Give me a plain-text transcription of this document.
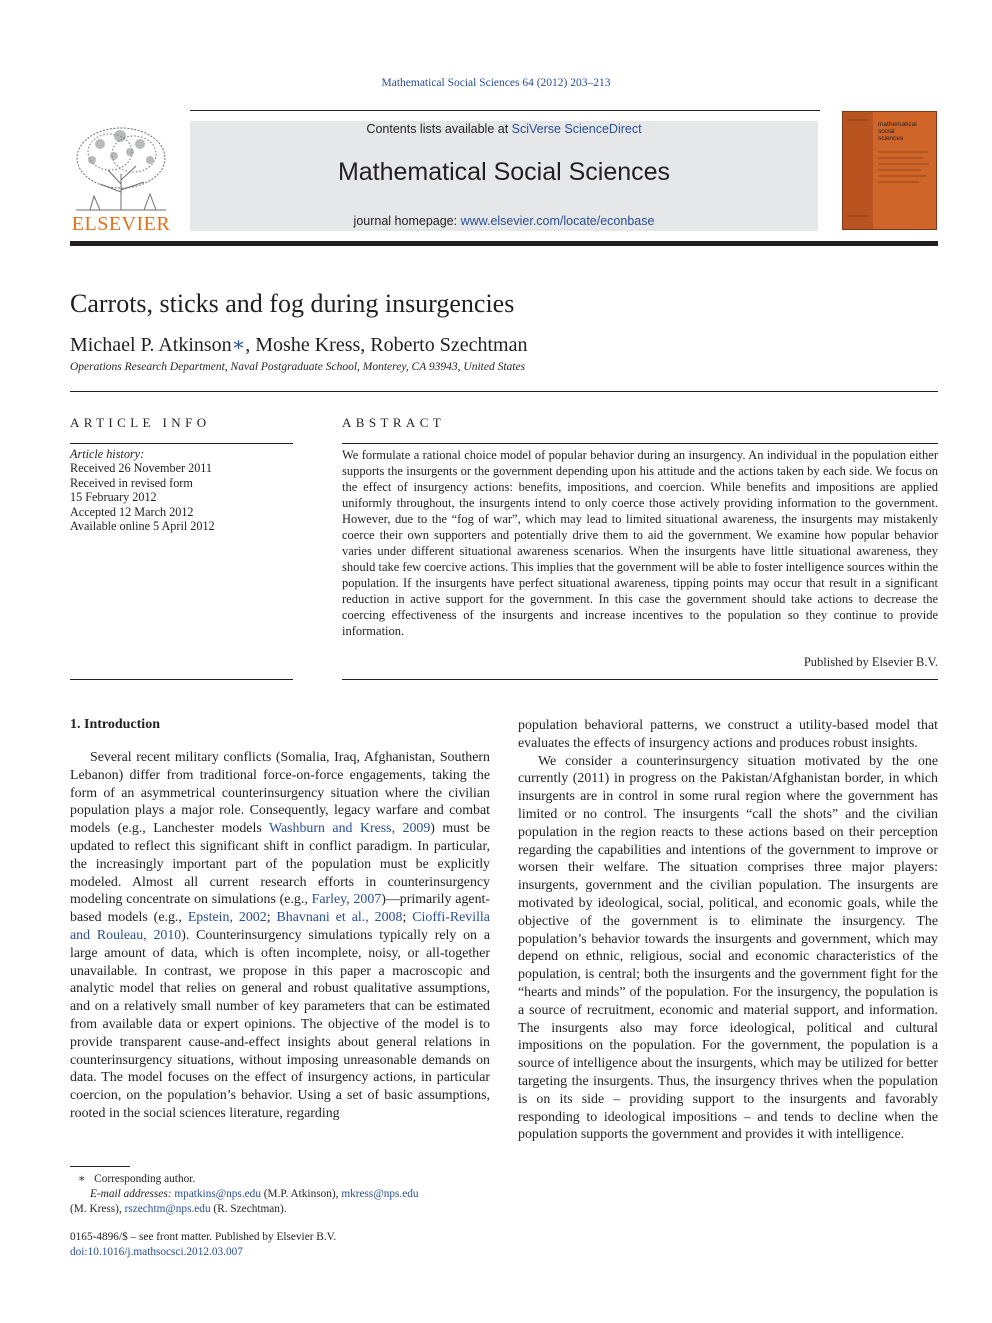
Mathematical Social Sciences 64 (2012) 203–213
ELSEVIER
Contents lists available at SciVerse ScienceDirect
Mathematical Social Sciences
journal homepage: www.elsevier.com/locate/econbase
mathematical
social
sciences
Carrots, sticks and fog during insurgencies
Michael P. Atkinson∗, Moshe Kress, Roberto Szechtman
Operations Research Department, Naval Postgraduate School, Monterey, CA 93943, United States
ARTICLE INFO
Article history:
Received 26 November 2011
Received in revised form
15 February 2012
Accepted 12 March 2012
Available online 5 April 2012
ABSTRACT
We formulate a rational choice model of popular behavior during an insurgency. An individual in the population either supports the insurgents or the government depending upon his attitude and the actions taken by each side. We focus on the effect of insurgency actions: benefits, impositions, and coercion. While benefits and impositions are applied uniformly throughout, the insurgents intend to only coerce those actively providing information to the government. However, due to the “fog of war”, which may lead to limited situational awareness, the insurgents may mistakenly coerce their own supporters and potentially drive them to aid the government. We examine how popular behavior varies under different situational awareness scenarios. When the insurgents have little situational awareness, they should take few coercive actions. This implies that the government will be able to foster intelligence sources within the population. If the insurgents have perfect situational awareness, tipping points may occur that result in a significant reduction in active support for the government. In this case the government should take actions to decrease the coercing effectiveness of the insurgents and increase incentives to the population so they continue to provide information.
Published by Elsevier B.V.
1. Introduction

Several recent military conflicts (Somalia, Iraq, Afghanistan, Southern Lebanon) differ from traditional force-on-force engagements, taking the form of an asymmetrical counterinsurgency situation where the civilian population plays a major role. Consequently, legacy warfare and combat models (e.g., Lanchester models Washburn and Kress, 2009) must be updated to reflect this significant shift in conflict paradigm. In particular, the increasingly important part of the population must be explicitly modeled. Almost all current research efforts in counterinsurgency modeling concentrate on simulations (e.g., Farley, 2007)—primarily agent-based models (e.g., Epstein, 2002; Bhavnani et al., 2008; Cioffi-Revilla and Rouleau, 2010). Counterinsurgency simulations typically rely on a large amount of data, which is often incomplete, noisy, or all-together unavailable. In contrast, we propose in this paper a macroscopic and analytic model that relies on general and robust qualitative assumptions, and on a relatively small number of key parameters that can be estimated from available data or expert opinions. The objective of the model is to provide transparent cause-and-effect insights about general relations in counterinsurgency situations, without imposing unreasonable demands on data. The model focuses on the effect of insurgency actions, in particular coercion, on the population’s behavior. Using a set of basic assumptions, rooted in the social sciences literature, regarding

population behavioral patterns, we construct a utility-based model that evaluates the effects of insurgency actions and produces robust insights.

We consider a counterinsurgency situation motivated by the one currently (2011) in progress on the Pakistan/Afghanistan border, in which insurgents are in control in some rural region where the government has limited or no control. The insurgents “call the shots” and the civilian population in the region reacts to these actions based on their perception regarding the capabilities and intentions of the government to improve or worsen their welfare. The situation comprises three major players: insurgents, government and the civilian population. The insurgents are motivated by ideological, social, political, and economic goals, while the objective of the government is to eliminate the insurgency. The population’s behavior towards the insurgents and government, which may depend on ethnic, religious, social and economic characteristics of the population, is central; both the insurgents and the government fight for the “hearts and minds” of the population. For the insurgency, the population is a source of recruitment, economic and material support, and information. The insurgents also may force ideological, political and cultural impositions on the population. For the government, the population is a source of intelligence about the insurgents, which may be utilized for better targeting the insurgents. Thus, the insurgency thrives when the population is on its side – providing support to the insurgents and favorably responding to ideological impositions – and tends to decline when the population supports the government and provides it with intelligence.

∗ Corresponding author.
E-mail addresses: mpatkins@nps.edu (M.P. Atkinson), mkress@nps.edu
(M. Kress), rszechtm@nps.edu (R. Szechtman).
0165-4896/$ – see front matter. Published by Elsevier B.V.
doi:10.1016/j.mathsocsci.2012.03.007
